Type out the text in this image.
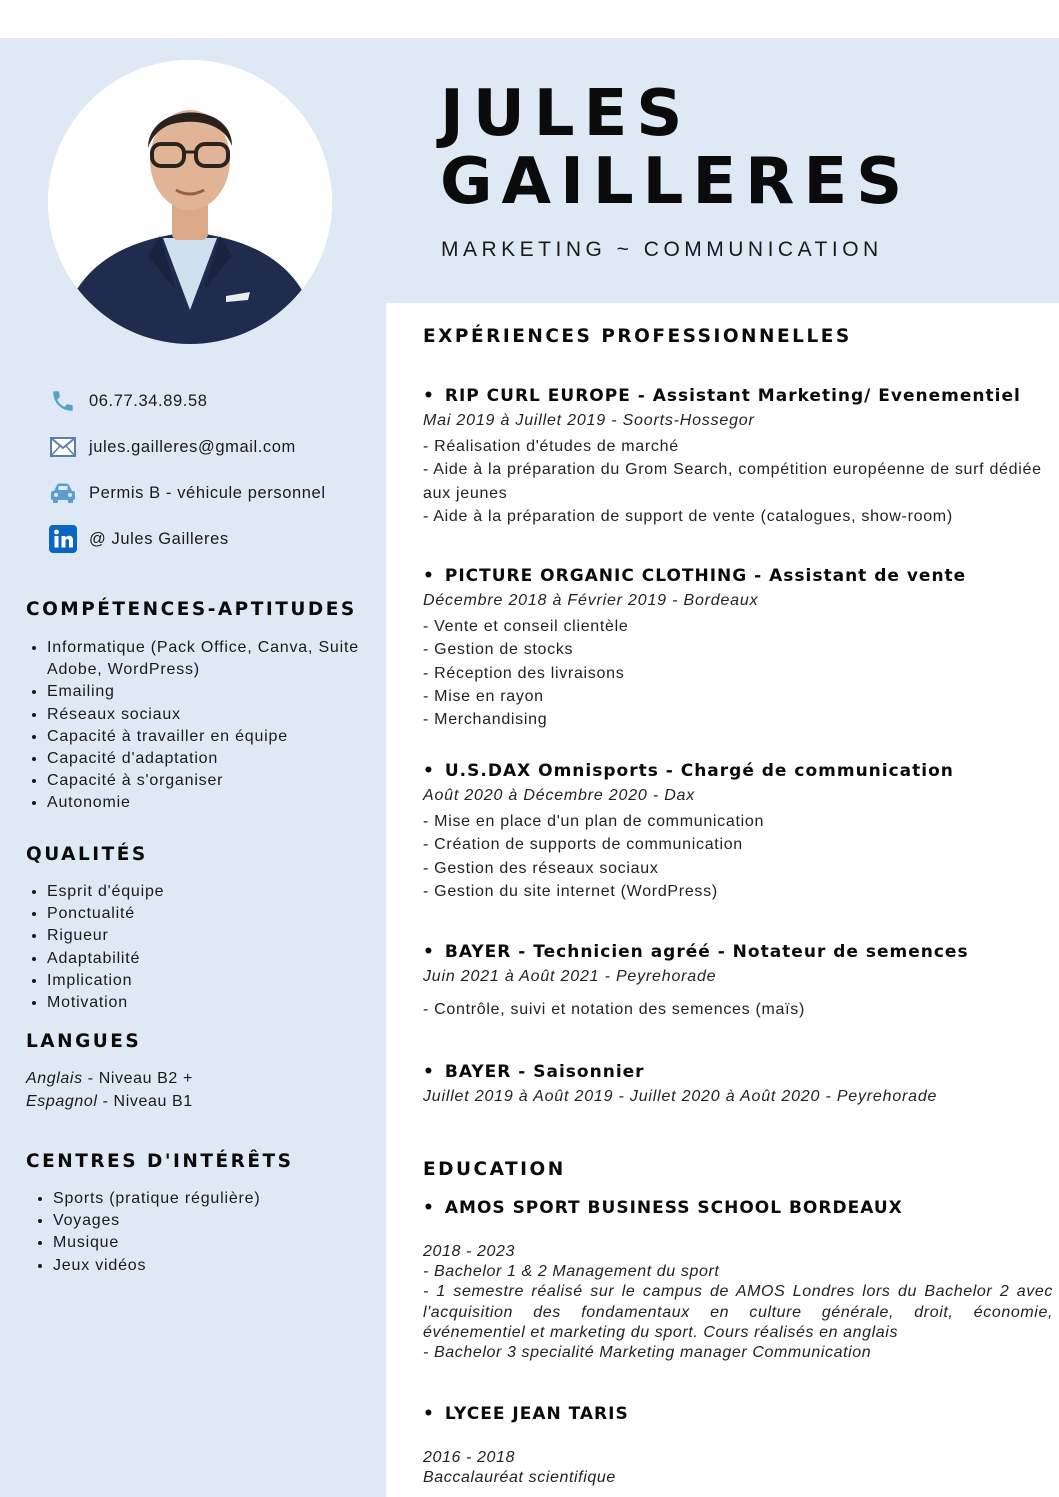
JULES
GAILLERES
MARKETING ~ COMMUNICATION
06.77.34.89.58
jules.gailleres@gmail.com
Permis B - véhicule personnel
@ Jules Gailleres
COMPÉTENCES-APTITUDES
• Informatique (Pack Office, Canva, Suite Adobe, WordPress)
• Emailing
• Réseaux sociaux
• Capacité à travailler en équipe
• Capacité d'adaptation
• Capacité à s'organiser
• Autonomie
QUALITÉS
• Esprit d'équipe
• Ponctualité
• Rigueur
• Adaptabilité
• Implication
• Motivation
LANGUES
Anglais - Niveau B2 +
Espagnol - Niveau B1
CENTRES D'INTÉRÊTS
• Sports (pratique régulière)
• Voyages
• Musique
• Jeux vidéos
EXPÉRIENCES PROFESSIONNELLES
• RIP CURL EUROPE - Assistant Marketing/ Evenementiel
Mai 2019 à Juillet 2019 - Soorts-Hossegor
- Réalisation d'études de marché
- Aide à la préparation du Grom Search, compétition européenne de surf dédiée aux jeunes
- Aide à la préparation de support de vente (catalogues, show-room)
• PICTURE ORGANIC CLOTHING - Assistant de vente
Décembre 2018 à Février 2019 - Bordeaux
- Vente et conseil clientèle
- Gestion de stocks
- Réception des livraisons
- Mise en rayon
- Merchandising
• U.S.DAX Omnisports - Chargé de communication
Août 2020 à Décembre 2020 - Dax
- Mise en place d'un plan de communication
- Création de supports de communication
- Gestion des réseaux sociaux
- Gestion du site internet (WordPress)
• BAYER - Technicien agréé - Notateur de semences
Juin 2021 à Août 2021 - Peyrehorade
- Contrôle, suivi et notation des semences (maïs)
• BAYER - Saisonnier
Juillet 2019 à Août 2019 - Juillet 2020 à Août 2020 - Peyrehorade
EDUCATION
• AMOS SPORT BUSINESS SCHOOL BORDEAUX
2018 - 2023
- Bachelor 1 & 2 Management du sport
- 1 semestre réalisé sur le campus de AMOS Londres lors du Bachelor 2 avec l'acquisition des fondamentaux en culture générale, droit, économie, événementiel et marketing du sport. Cours réalisés en anglais
- Bachelor 3 specialité Marketing manager Communication
• LYCEE JEAN TARIS
2016 - 2018
Baccalauréat scientifique
